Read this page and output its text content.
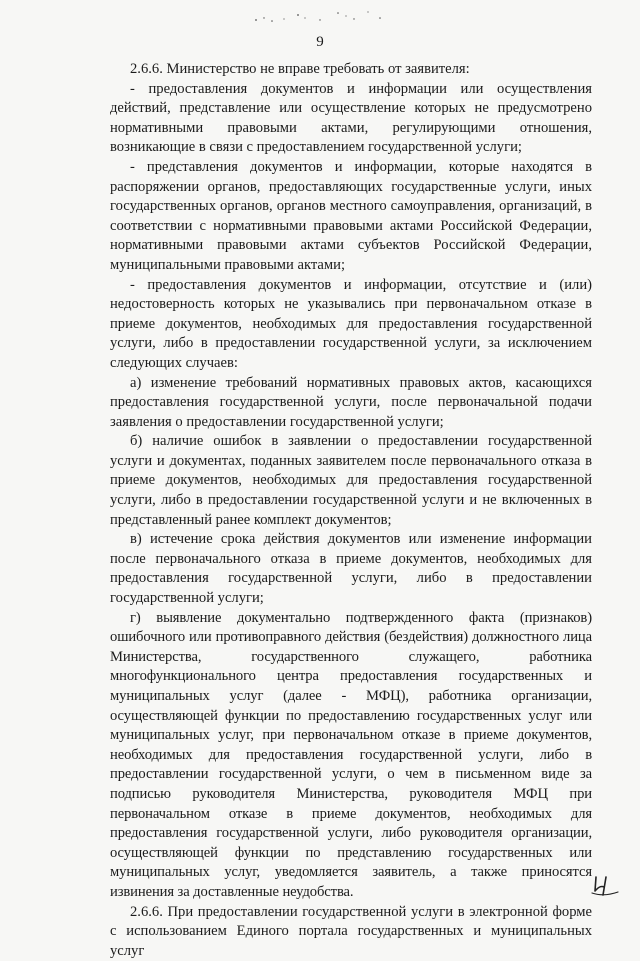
9

2.6.6. Министерство не вправе требовать от заявителя:

- предоставления документов и информации или осуществления действий, представление или осуществление которых не предусмотрено нормативными правовыми актами, регулирующими отношения, возникающие в связи с предоставлением государственной услуги;

- представления документов и информации, которые находятся в распоряжении органов, предоставляющих государственные услуги, иных государственных органов, органов местного самоуправления, организаций, в соответствии с нормативными правовыми актами Российской Федерации, нормативными правовыми актами субъектов Российской Федерации, муниципальными правовыми актами;

- предоставления документов и информации, отсутствие и (или) недостоверность которых не указывались при первоначальном отказе в приеме документов, необходимых для предоставления государственной услуги, либо в предоставлении государственной услуги, за исключением следующих случаев:

а) изменение требований нормативных правовых актов, касающихся предоставления государственной услуги, после первоначальной подачи заявления о предоставлении государственной услуги;

б) наличие ошибок в заявлении о предоставлении государственной услуги и документах, поданных заявителем после первоначального отказа в приеме документов, необходимых для предоставления государственной услуги, либо в предоставлении государственной услуги и не включенных в представленный ранее комплект документов;

в) истечение срока действия документов или изменение информации после первоначального отказа в приеме документов, необходимых для предоставления государственной услуги, либо в предоставлении государственной услуги;

г) выявление документально подтвержденного факта (признаков) ошибочного или противоправного действия (бездействия) должностного лица Министерства, государственного служащего, работника многофункционального центра предоставления государственных и муниципальных услуг (далее - МФЦ), работника организации, осуществляющей функции по предоставлению государственных услуг или муниципальных услуг, при первоначальном отказе в приеме документов, необходимых для предоставления государственной услуги, либо в предоставлении государственной услуги, о чем в письменном виде за подписью руководителя Министерства, руководителя МФЦ при первоначальном отказе в приеме документов, необходимых для предоставления государственной услуги, либо руководителя организации, осуществляющей функции по представлению государственных или муниципальных услуг, уведомляется заявитель, а также приносятся извинения за доставленные неудобства.

2.6.6. При предоставлении государственной услуги в электронной форме с использованием Единого портала государственных и муниципальных услуг
